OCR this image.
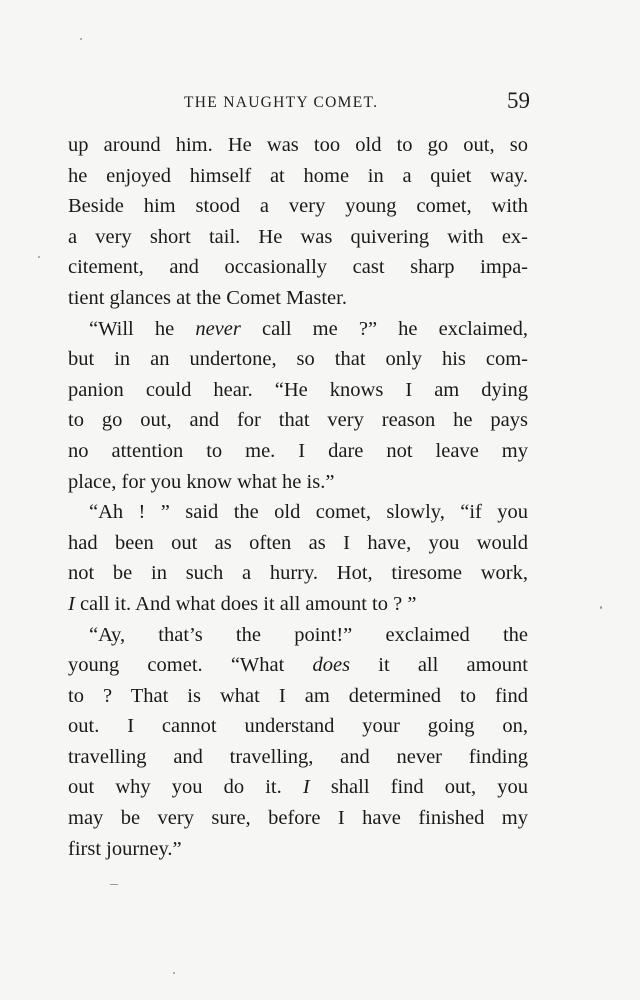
THE NAUGHTY COMET.	59
up around him. He was too old to go out, so
he enjoyed himself at home in a quiet way.
Beside him stood a very young comet, with
a very short tail. He was quivering with ex-
citement, and occasionally cast sharp impa-
tient glances at the Comet Master.
“Will he never call me ?” he exclaimed,
but in an undertone, so that only his com-
panion could hear. “He knows I am dying
to go out, and for that very reason he pays
no attention to me. I dare not leave my
place, for you know what he is.”
“Ah ! ” said the old comet, slowly, “if you
had been out as often as I have, you would
not be in such a hurry. Hot, tiresome work,
I call it. And what does it all amount to ? ”
“Ay, that’s the point!” exclaimed the
young comet. “What does it all amount
to ? That is what I am determined to find
out. I cannot understand your going on,
travelling and travelling, and never finding
out why you do it. I shall find out, you
may be very sure, before I have finished my
first journey.”
